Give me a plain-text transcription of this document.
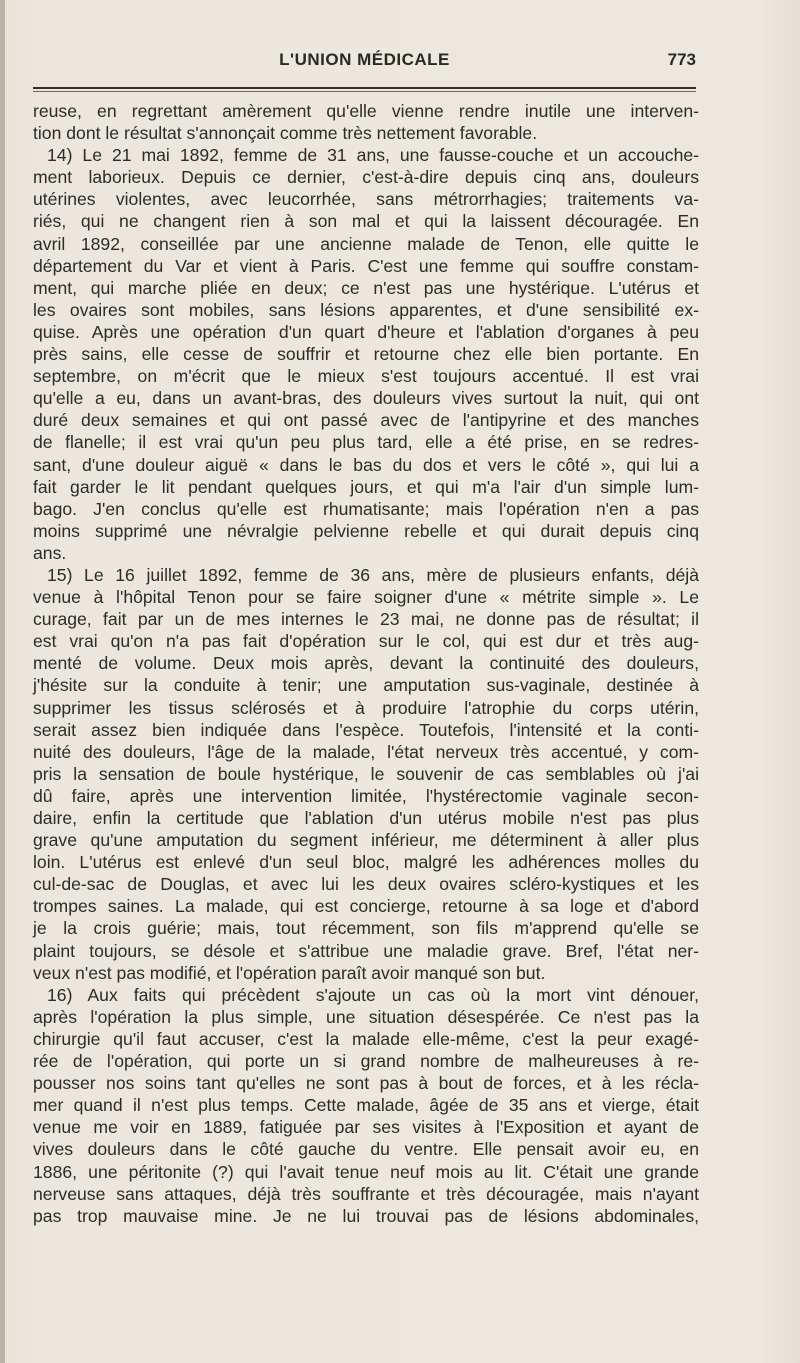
L'UNION MÉDICALE	773

reuse, en regrettant amèrement qu'elle vienne rendre inutile une interven-

tion dont le résultat s'annonçait comme très nettement favorable.

14) Le 21 mai 1892, femme de 31 ans, une fausse-couche et un accouche-

ment laborieux. Depuis ce dernier, c'est-à-dire depuis cinq ans, douleurs

utérines violentes, avec leucorrhée, sans métrorrhagies; traitements va-

riés, qui ne changent rien à son mal et qui la laissent découragée. En

avril 1892, conseillée par une ancienne malade de Tenon, elle quitte le

département du Var et vient à Paris. C'est une femme qui souffre constam-

ment, qui marche pliée en deux; ce n'est pas une hystérique. L'utérus et

les ovaires sont mobiles, sans lésions apparentes, et d'une sensibilité ex-

quise. Après une opération d'un quart d'heure et l'ablation d'organes à peu

près sains, elle cesse de souffrir et retourne chez elle bien portante. En

septembre, on m'écrit que le mieux s'est toujours accentué. Il est vrai

qu'elle a eu, dans un avant-bras, des douleurs vives surtout la nuit, qui ont

duré deux semaines et qui ont passé avec de l'antipyrine et des manches

de flanelle; il est vrai qu'un peu plus tard, elle a été prise, en se redres-

sant, d'une douleur aiguë « dans le bas du dos et vers le côté », qui lui a

fait garder le lit pendant quelques jours, et qui m'a l'air d'un simple lum-

bago. J'en conclus qu'elle est rhumatisante; mais l'opération n'en a pas

moins supprimé une névralgie pelvienne rebelle et qui durait depuis cinq

ans.

15) Le 16 juillet 1892, femme de 36 ans, mère de plusieurs enfants, déjà

venue à l'hôpital Tenon pour se faire soigner d'une « métrite simple ». Le

curage, fait par un de mes internes le 23 mai, ne donne pas de résultat; il

est vrai qu'on n'a pas fait d'opération sur le col, qui est dur et très aug-

menté de volume. Deux mois après, devant la continuité des douleurs,

j'hésite sur la conduite à tenir; une amputation sus-vaginale, destinée à

supprimer les tissus sclérosés et à produire l'atrophie du corps utérin,

serait assez bien indiquée dans l'espèce. Toutefois, l'intensité et la conti-

nuité des douleurs, l'âge de la malade, l'état nerveux très accentué, y com-

pris la sensation de boule hystérique, le souvenir de cas semblables où j'ai

dû faire, après une intervention limitée, l'hystérectomie vaginale secon-

daire, enfin la certitude que l'ablation d'un utérus mobile n'est pas plus

grave qu'une amputation du segment inférieur, me déterminent à aller plus

loin. L'utérus est enlevé d'un seul bloc, malgré les adhérences molles du

cul-de-sac de Douglas, et avec lui les deux ovaires scléro-kystiques et les

trompes saines. La malade, qui est concierge, retourne à sa loge et d'abord

je la crois guérie; mais, tout récemment, son fils m'apprend qu'elle se

plaint toujours, se désole et s'attribue une maladie grave. Bref, l'état ner-

veux n'est pas modifié, et l'opération paraît avoir manqué son but.

16) Aux faits qui précèdent s'ajoute un cas où la mort vint dénouer,

après l'opération la plus simple, une situation désespérée. Ce n'est pas la

chirurgie qu'il faut accuser, c'est la malade elle-même, c'est la peur exagé-

rée de l'opération, qui porte un si grand nombre de malheureuses à re-

pousser nos soins tant qu'elles ne sont pas à bout de forces, et à les récla-

mer quand il n'est plus temps. Cette malade, âgée de 35 ans et vierge, était

venue me voir en 1889, fatiguée par ses visites à l'Exposition et ayant de

vives douleurs dans le côté gauche du ventre. Elle pensait avoir eu, en

1886, une péritonite (?) qui l'avait tenue neuf mois au lit. C'était une grande

nerveuse sans attaques, déjà très souffrante et très découragée, mais n'ayant

pas trop mauvaise mine. Je ne lui trouvai pas de lésions abdominales,
